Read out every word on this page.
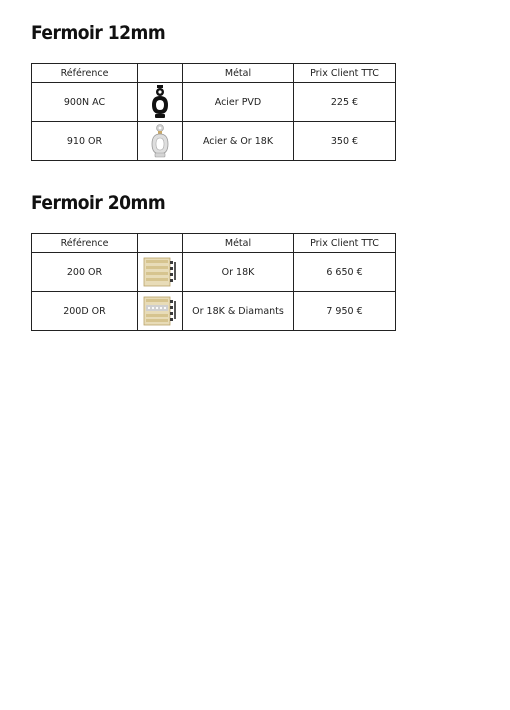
Fermoir 12mm
Référence		Métal	Prix Client TTC
900N AC		Acier PVD	225 €
910 OR		Acier & Or 18K	350 €
Fermoir 20mm
Référence		Métal	Prix Client TTC
200 OR		Or 18K	6 650 €
200D OR		Or 18K & Diamants	7 950 €
